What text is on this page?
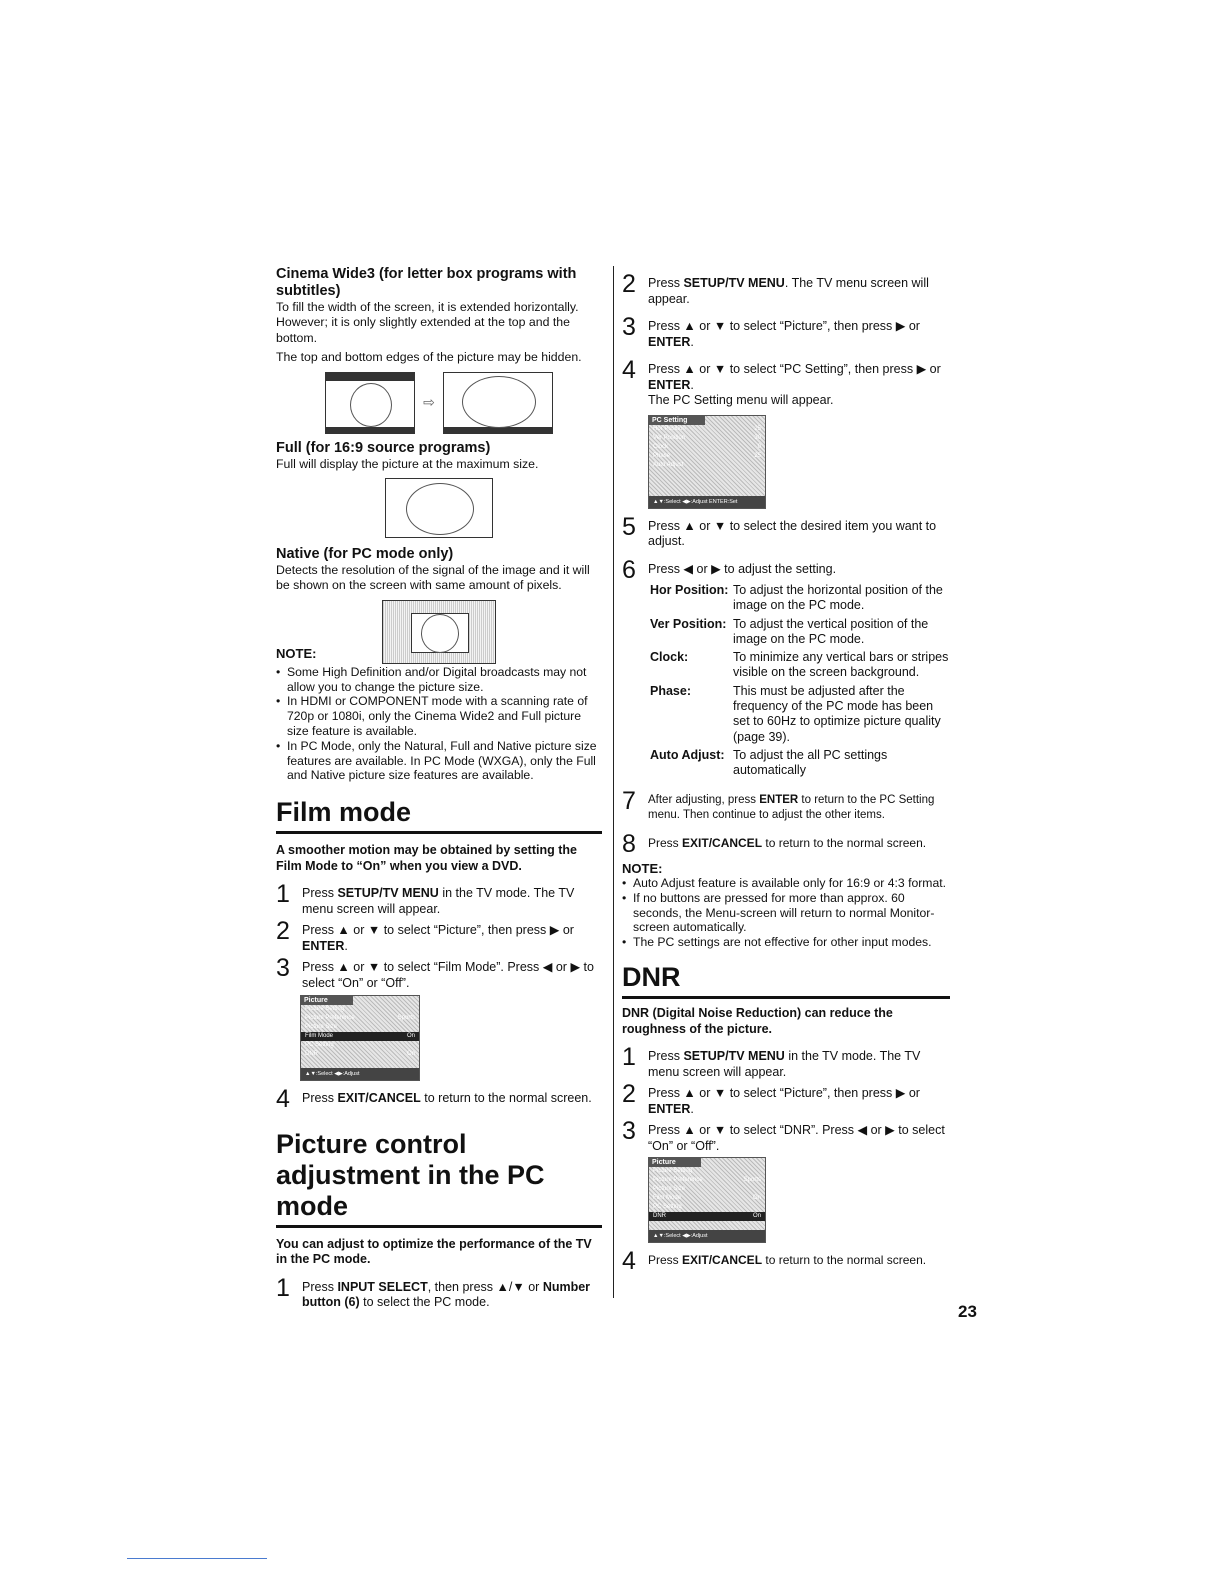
Cinema Wide3 (for letter box programs with subtitles)

To fill the width of the screen, it is extended horizontally. However; it is only slightly extended at the top and the bottom.

The top and bottom edges of the picture may be hidden.

⇨

Full (for 16:9 source programs)

Full will display the picture at the maximum size.

Native (for PC mode only)

Detects the resolution of the signal of the image and it will be shown on the screen with same amount of pixels.

NOTE:

• Some High Definition and/or Digital broadcasts may not allow you to change the picture size.
• In HDMI or COMPONENT mode with a scanning rate of 720p or 1080i, only the Cinema Wide2 and Full picture size feature is available.
• In PC Mode, only the Natural, Full and Native picture size features are available. In PC Mode (WXGA), only the Full and Native picture size features are available.

Film mode

A smoother motion may be obtained by setting the Film Mode to “On” when you view a DVD.

1 Press SETUP/TV MENU in the TV mode. The TV menu screen will appear.
2 Press ▲ or ▼ to select “Picture”, then press ▶ or ENTER.
3 Press ▲ or ▼ to select “Film Mode”. Press ◀ or ▶ to select “On” or “Off”.
Picture
Picture Setting
Picture Preference	Sports
Picture Size
Film Mode	On
PC Setting
DNR	On
▲▼:Select ◀▶:Adjust
4 Press EXIT/CANCEL to return to the normal screen.

Picture control adjustment in the PC mode

You can adjust to optimize the performance of the TV in the PC mode.

1 Press INPUT SELECT, then press ▲/▼ or Number button (6) to select the PC mode.
2 Press SETUP/TV MENU. The TV menu screen will appear.
3 Press ▲ or ▼ to select “Picture”, then press ▶ or ENTER.
4 Press ▲ or ▼ to select “PC Setting”, then press ▶ or ENTER.
The PC Setting menu will appear.
PC Setting
Hor Position	25
Ver Position	30
Clock	0
Phase	25
Auto Adjust
▲▼:Select ◀▶:Adjust ENTER:Set
5 Press ▲ or ▼ to select the desired item you want to adjust.
6 Press ◀ or ▶ to adjust the setting.
Hor Position: To adjust the horizontal position of the image on the PC mode.
Ver Position: To adjust the vertical position of the image on the PC mode.
Clock:	To minimize any vertical bars or stripes visible on the screen background.
Phase:	This must be adjusted after the frequency of the PC mode has been set to 60Hz to optimize picture quality (page 39).
Auto Adjust: To adjust the all PC settings automatically
7 After adjusting, press ENTER to return to the PC Setting menu. Then continue to adjust the other items.
8 Press EXIT/CANCEL to return to the normal screen.

NOTE:

• Auto Adjust feature is available only for 16:9 or 4:3 format.
• If no buttons are pressed for more than approx. 60 seconds, the Menu-screen will return to normal Monitor-screen automatically.
• The PC settings are not effective for other input modes.

DNR

DNR (Digital Noise Reduction) can reduce the roughness of the picture.

1 Press SETUP/TV MENU in the TV mode. The TV menu screen will appear.
2 Press ▲ or ▼ to select “Picture”, then press ▶ or ENTER.
3 Press ▲ or ▼ to select “DNR”. Press ◀ or ▶ to select “On” or “Off”.
Picture
Picture Setting
Picture Preference	Sports
Picture Size
Film Mode	On
PC Setting
DNR	On
▲▼:Select ◀▶:Adjust
4 Press EXIT/CANCEL to return to the normal screen.
23
